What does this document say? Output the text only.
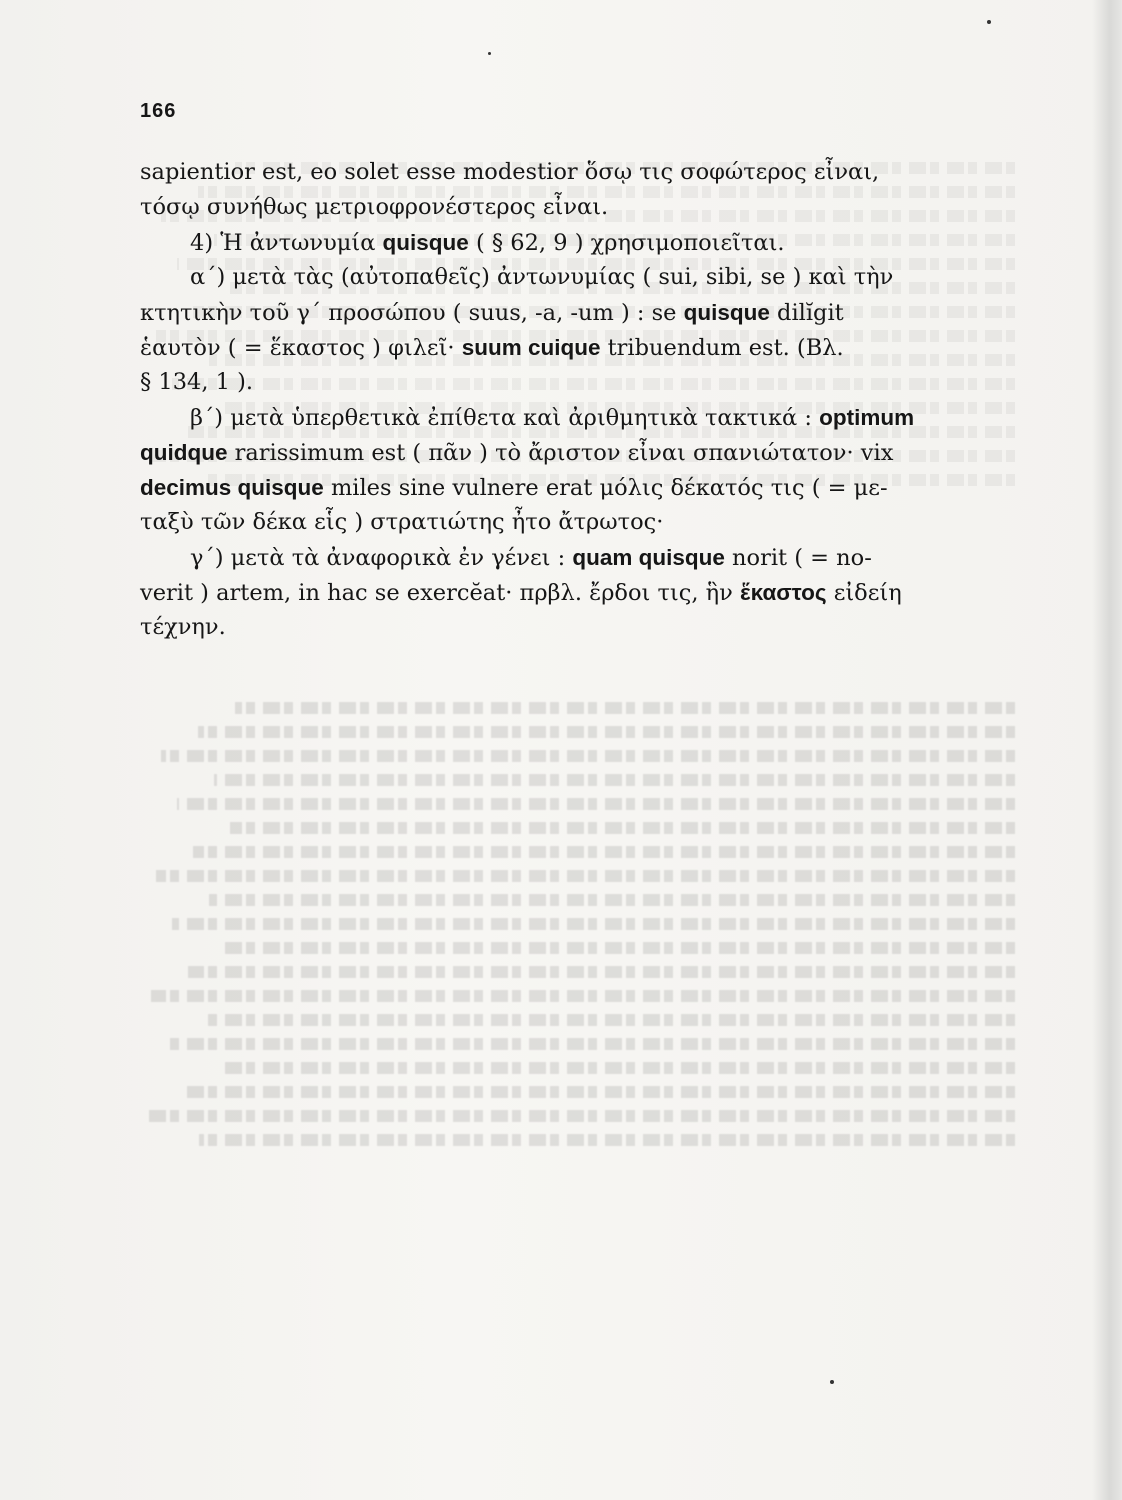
166
sapientior est, eo solet esse modestior ὅσῳ τις σοφώτερος εἶναι,
τόσῳ συνήθως μετριοφρονέστερος εἶναι.
4) Ἡ ἀντωνυμία quisque ( § 62, 9 ) χρησιμοποιεῖται.
α΄) μετὰ τὰς (αὐτοπαθεῖς) ἀντωνυμίας ( sui, sibi, se ) καὶ τὴν
κτητικὴν τοῦ γ΄ προσώπου ( suus, -a, -um ) : se quisque dilĭgit
ἑαυτὸν ( = ἕκαστος ) φιλεῖ· suum cuique tribuendum est. (Βλ.
§ 134, 1 ).
β΄) μετὰ ὑπερθετικὰ ἐπίθετα καὶ ἀριθμητικὰ τακτικά : optimum
quidque rarissimum est ( πᾶν ) τὸ ἄριστον εἶναι σπανιώτατον· vix
decimus quisque miles sine vulnere erat μόλις δέκατός τις ( = με-
ταξὺ τῶν δέκα εἷς ) στρατιώτης ἦτο ἄτρωτος·
γ΄) μετὰ τὰ ἀναφορικὰ ἐν γένει : quam quisque norit ( = no-
verit ) artem, in hac se exercĕat· πρβλ. ἔρδοι τις, ἣν ἕκαστος εἰδείη
τέχνην.
